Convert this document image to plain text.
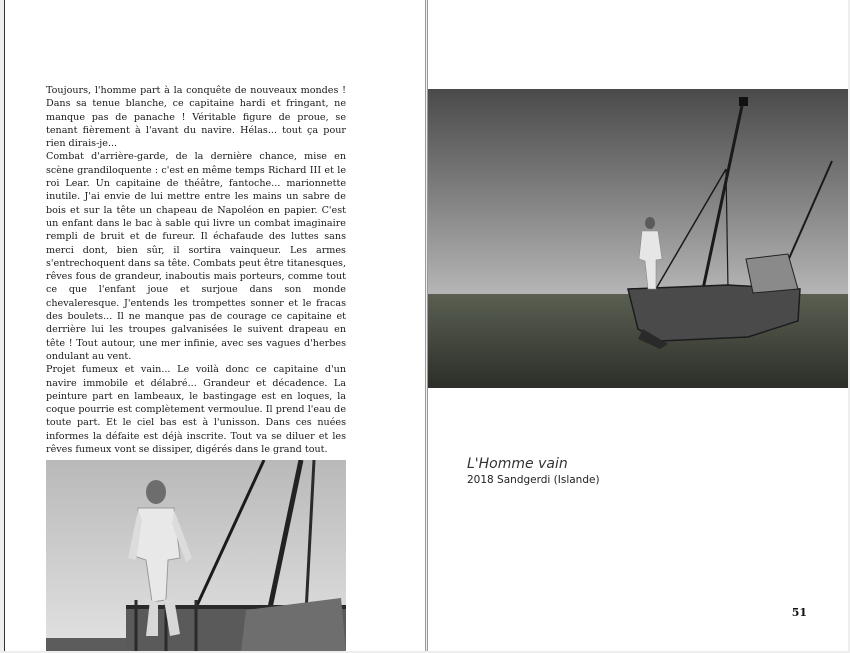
Toujours, l'homme part à la conquête de nouveaux mondes ! Dans sa tenue blanche, ce capitaine hardi et fringant, ne manque pas de panache ! Véritable figure de proue, se tenant fièrement à l'avant du navire. Hélas... tout ça pour rien dirais-je...

Combat d'arrière-garde, de la dernière chance, mise en scène grandiloquente : c'est en même temps Richard III et le roi Lear. Un capitaine de théâtre, fantoche... marionnette inutile. J'ai envie de lui mettre entre les mains un sabre de bois et sur la tête un chapeau de Napoléon en papier. C'est un enfant dans le bac à sable qui livre un combat imaginaire rempli de bruit et de fureur. Il échafaude des luttes sans merci dont, bien sûr, il sortira vainqueur. Les armes s'entrechoquent dans sa tête. Combats peut être titanesques, rêves fous de grandeur, inaboutis mais porteurs, comme tout ce que l'enfant joue et surjoue dans son monde chevaleresque. J'entends les trompettes sonner et le fracas des boulets... Il ne manque pas de courage ce capitaine et derrière lui les troupes galvanisées le suivent drapeau en tête ! Tout autour, une mer infinie, avec ses vagues d'herbes ondulant au vent.

Projet fumeux et vain... Le voilà donc ce capitaine d'un navire immobile et délabré... Grandeur et décadence. La peinture part en lambeaux, le bastingage est en loques, la coque pourrie est complètement vermoulue. Il prend l'eau de toute part. Et le ciel bas est à l'unisson. Dans ces nuées informes la défaite est déjà inscrite. Tout va se diluer et les rêves fumeux vont se dissiper, digérés dans le grand tout.

L'Homme vain
2018 Sandgerdi (Islande)
51
